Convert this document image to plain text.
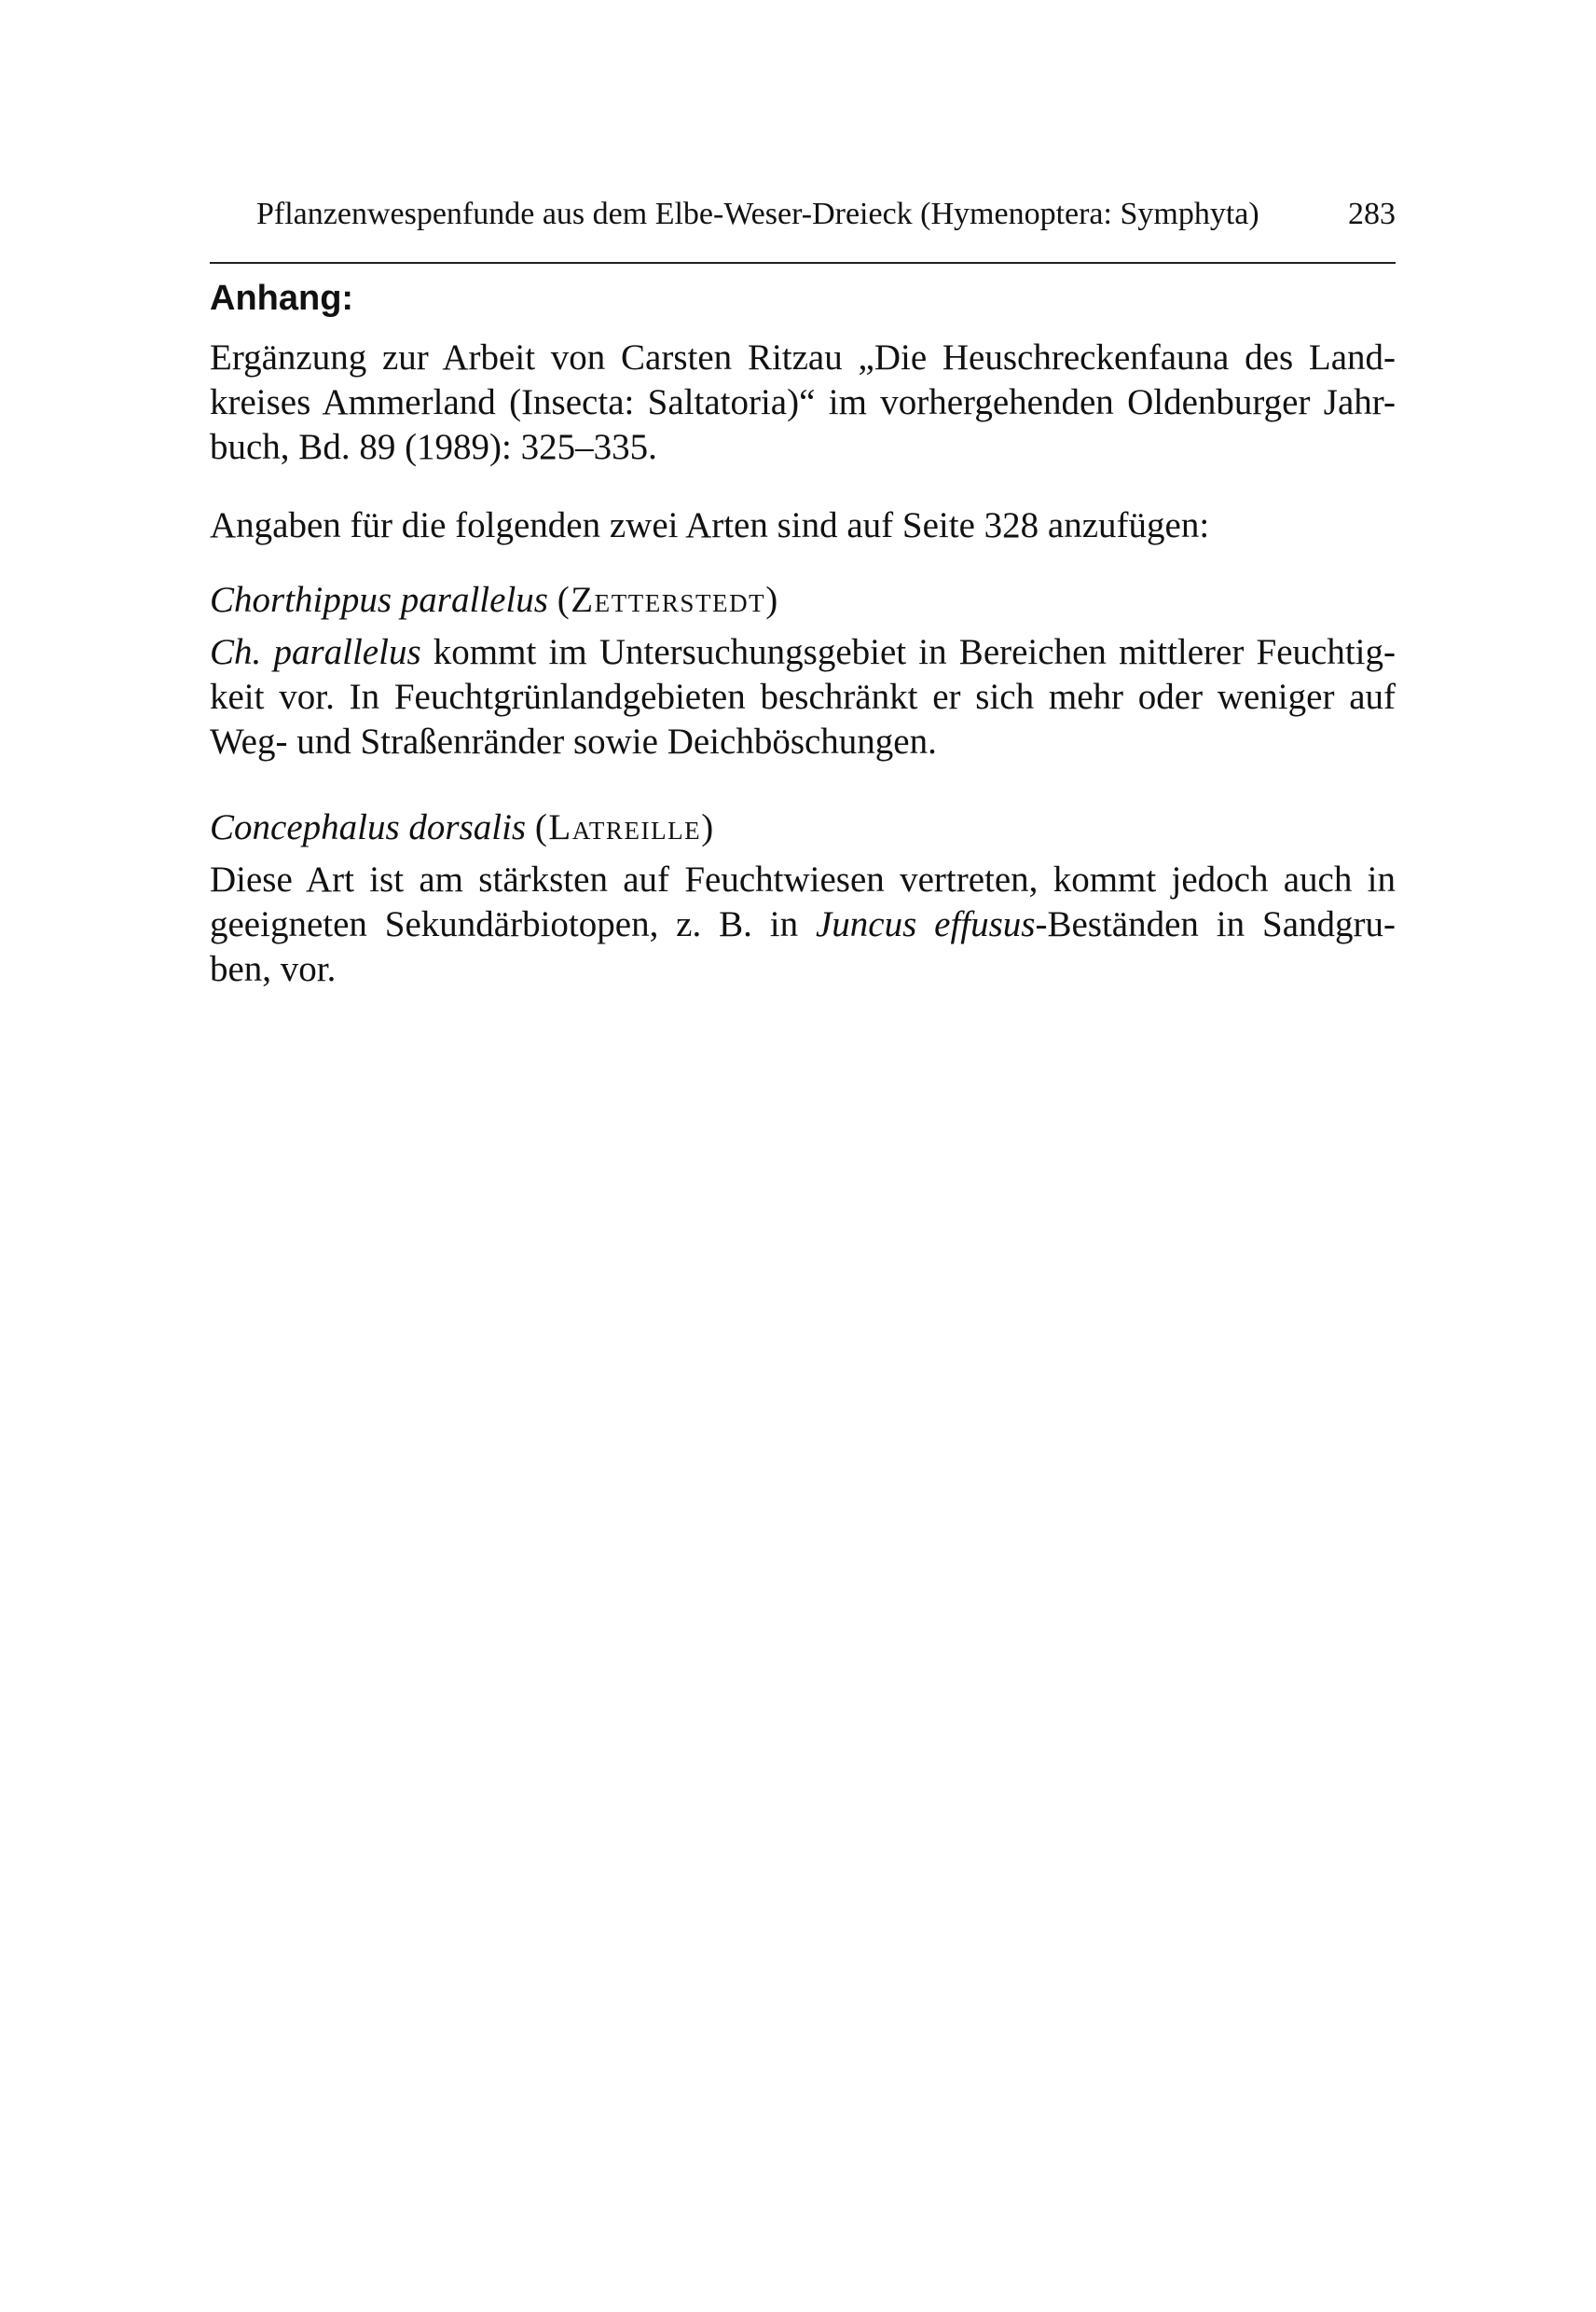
Pflanzenwespenfunde aus dem Elbe-Weser-Dreieck (Hymenoptera: Symphyta)	283
Anhang:

Ergänzung zur Arbeit von Carsten Ritzau „Die Heuschreckenfauna des Land-
kreises Ammerland (Insecta: Saltatoria)“ im vorhergehenden Oldenburger Jahr-
buch, Bd. 89 (1989): 325–335.

Angaben für die folgenden zwei Arten sind auf Seite 328 anzufügen:

Chorthippus parallelus (Zetterstedt)

Ch. parallelus kommt im Untersuchungsgebiet in Bereichen mittlerer Feuchtig-
keit vor. In Feuchtgrünlandgebieten beschränkt er sich mehr oder weniger auf
Weg- und Straßenränder sowie Deichböschungen.

Concephalus dorsalis (Latreille)

Diese Art ist am stärksten auf Feuchtwiesen vertreten, kommt jedoch auch in
geeigneten Sekundärbiotopen, z. B. in Juncus effusus-Beständen in Sandgru-
ben, vor.
